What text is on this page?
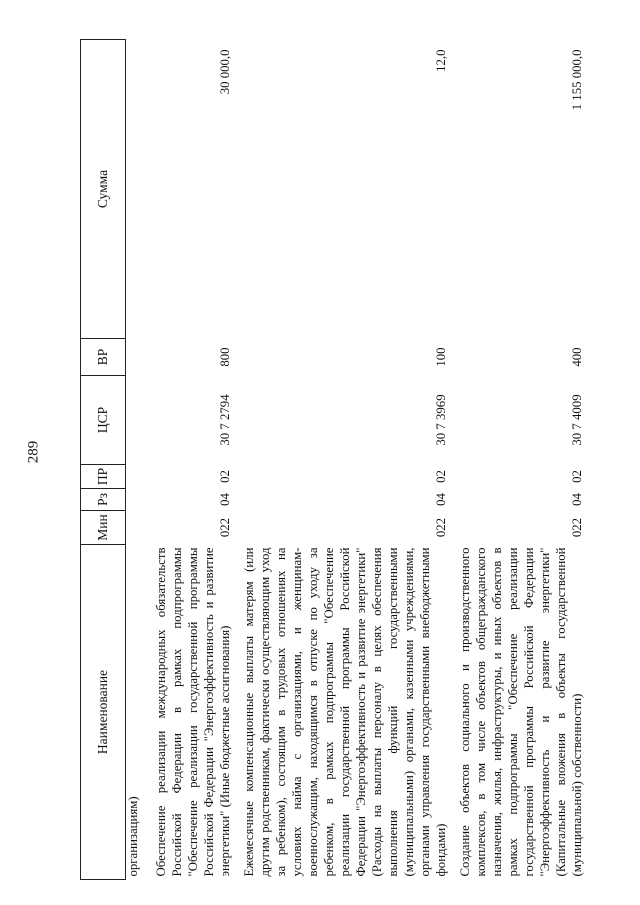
289
Наименование	Мин	Рз	ПР	ЦСР	ВР	Сумма
организациям)						
Обеспечение реализации международных обязательств Российской Федерации в рамках подпрограммы "Обеспечение реализации государственной программы Российской Федерации "Энергоэффективность и развитие энергетики" (Иные бюджетные ассигнования)	022	04	02	30 7 2794	800	30 000,0
Ежемесячные компенсационные выплаты матерям (или другим родственникам, фактически осуществляющим уход за ребенком), состоящим в трудовых отношениях на условиях найма с организациями, и женщинам-военнослужащим, находящимся в отпуске по уходу за ребенком, в рамках подпрограммы "Обеспечение реализации государственной программы Российской Федерации "Энергоэффективность и развитие энергетики" (Расходы на выплаты персоналу в целях обеспечения выполнения функций государственными (муниципальными) органами, казенными учреждениями, органами управления государственными внебюджетными фондами)	022	04	02	30 7 3969	100	12,0
Создание объектов социального и производственного комплексов, в том числе объектов общегражданского назначения, жилья, инфраструктуры, и иных объектов в рамках подпрограммы "Обеспечение реализации государственной программы Российской Федерации "Энергоэффективность и развитие энергетики" (Капитальные вложения в объекты государственной (муниципальной) собственности)	022	04	02	30 7 4009	400	1 155 000,0
